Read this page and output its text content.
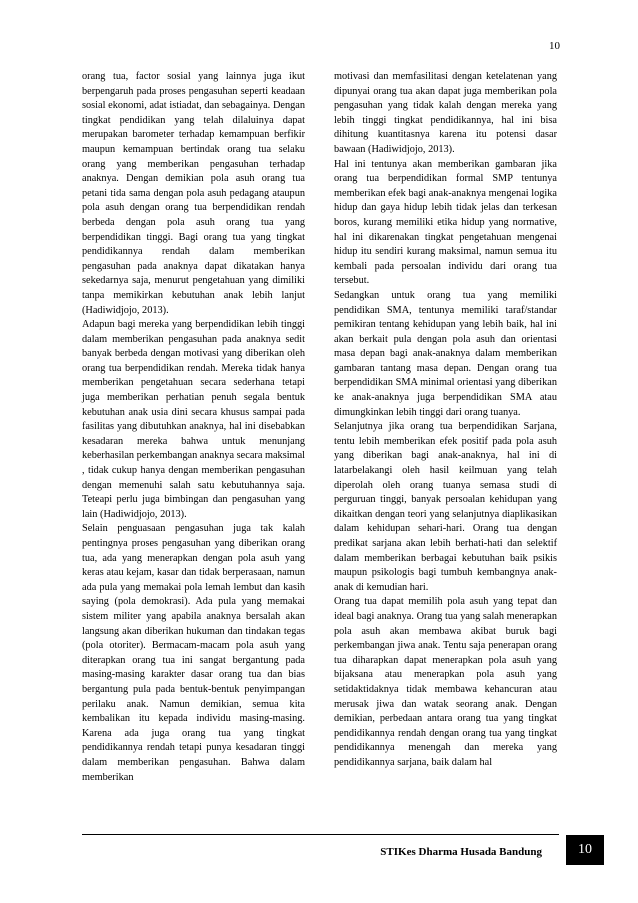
10

orang tua, factor sosial yang lainnya juga ikut berpengaruh pada proses pengasuhan seperti keadaan sosial ekonomi, adat istiadat, dan sebagainya. Dengan tingkat pendidikan yang telah dilaluinya dapat merupakan barometer terhadap kemampuan berfikir maupun kemampuan bertindak orang tua selaku orang yang memberikan pengasuhan terhadap anaknya. Dengan demikian pola asuh orang tua petani tida sama dengan pola asuh pedagang ataupun pola asuh dengan orang tua berpendidikan rendah berbeda dengan pola asuh orang tua yang berpendidikan tinggi. Bagi orang tua yang tingkat pendidikannya rendah dalam memberikan pengasuhan pada anaknya dapat dikatakan hanya sekedarnya saja, menurut pengetahuan yang dimiliki tanpa memikirkan kebutuhan anak lebih lanjut (Hadiwidjojo, 2013).

Adapun bagi mereka yang berpendidikan lebih tinggi dalam memberikan pengasuhan pada anaknya sedit banyak berbeda dengan motivasi yang diberikan oleh orang tua berpendidikan rendah. Mereka tidak hanya memberikan pengetahuan secara sederhana tetapi juga memberikan perhatian penuh segala bentuk kebutuhan anak usia dini secara khusus sampai pada fasilitas yang dibutuhkan anaknya, hal ini disebabkan kesadaran mereka bahwa untuk menunjang keberhasilan perkembangan anaknya secara maksimal , tidak cukup hanya dengan memberikan pengasuhan dengan memenuhi salah satu kebutuhannya saja. Teteapi perlu juga bimbingan dan pengasuhan yang lain (Hadiwidjojo, 2013).

Selain penguasaan pengasuhan juga tak kalah pentingnya proses pengasuhan yang diberikan orang tua, ada yang menerapkan dengan pola asuh yang keras atau kejam, kasar dan tidak berperasaan, namun ada pula yang memakai pola lemah lembut dan kasih saying (pola demokrasi). Ada pula yang memakai sistem militer yang apabila anaknya bersalah akan langsung akan diberikan hukuman dan tindakan tegas (pola otoriter). Bermacam-macam pola asuh yang diterapkan orang tua ini sangat bergantung pada masing-masing karakter dasar orang tua dan bias bergantung pula pada bentuk-bentuk penyimpangan perilaku anak. Namun demikian, semua kita kembalikan itu kepada individu masing-masing. Karena ada juga orang tua yang tingkat pendidikannya rendah tetapi punya kesadaran tinggi dalam memberikan pengasuhan. Bahwa dalam memberikan

motivasi dan memfasilitasi dengan ketelatenan yang dipunyai orang tua akan dapat juga memberikan pola pengasuhan yang tidak kalah dengan mereka yang lebih tinggi tingkat pendidikannya, hal ini bisa dihitung kuantitasnya karena itu potensi dasar bawaan (Hadiwidjojo, 2013).

Hal ini tentunya akan memberikan gambaran jika orang tua berpendidikan formal SMP tentunya memberikan efek bagi anak-anaknya mengenai logika hidup dan gaya hidup lebih tidak jelas dan terkesan boros, kurang memiliki etika hidup yang normative, hal ini dikarenakan tingkat pengetahuan mengenai hidup itu sendiri kurang maksimal, namun semua itu kembali pada persoalan individu dari orang tua tersebut.

Sedangkan untuk orang tua yang memiliki pendidikan SMA, tentunya memiliki taraf/standar pemikiran tentang kehidupan yang lebih baik, hal ini akan berkait pula dengan pola asuh dan orientasi masa depan bagi anak-anaknya dalam memberikan gambaran tantang masa depan. Dengan orang tua berpendidikan SMA minimal orientasi yang diberikan ke anak-anaknya juga berpendidikan SMA atau dimungkinkan lebih tinggi dari orang tuanya.

Selanjutnya jika orang tua berpendidikan Sarjana, tentu lebih memberikan efek positif pada pola asuh yang diberikan bagi anak-anaknya, hal ini di latarbelakangi oleh hasil keilmuan yang telah diperolah oleh orang tuanya semasa studi di perguruan tinggi, banyak persoalan kehidupan yang dikaitkan dengan teori yang selanjutnya diaplikasikan dalam kehidupan sehari-hari. Orang tua dengan predikat sarjana akan lebih berhati-hati dan selektif dalam memberikan berbagai kebutuhan baik psikis maupun psikologis bagi tumbuh kembangnya anak-anak di kemudian hari.

Orang tua dapat memilih pola asuh yang tepat dan ideal bagi anaknya. Orang tua yang salah menerapkan pola asuh akan membawa akibat buruk bagi perkembangan jiwa anak. Tentu saja penerapan orang tua diharapkan dapat menerapkan pola asuh yang bijaksana atau menerapkan pola asuh yang setidaktidaknya tidak membawa kehancuran atau merusak jiwa dan watak seorang anak. Dengan demikian, perbedaan antara orang tua yang tingkat pendidikannya rendah dengan orang tua yang tingkat pendidikannya menengah dan mereka yang pendidikannya sarjana, baik dalam hal

STIKes Dharma Husada Bandung	10
